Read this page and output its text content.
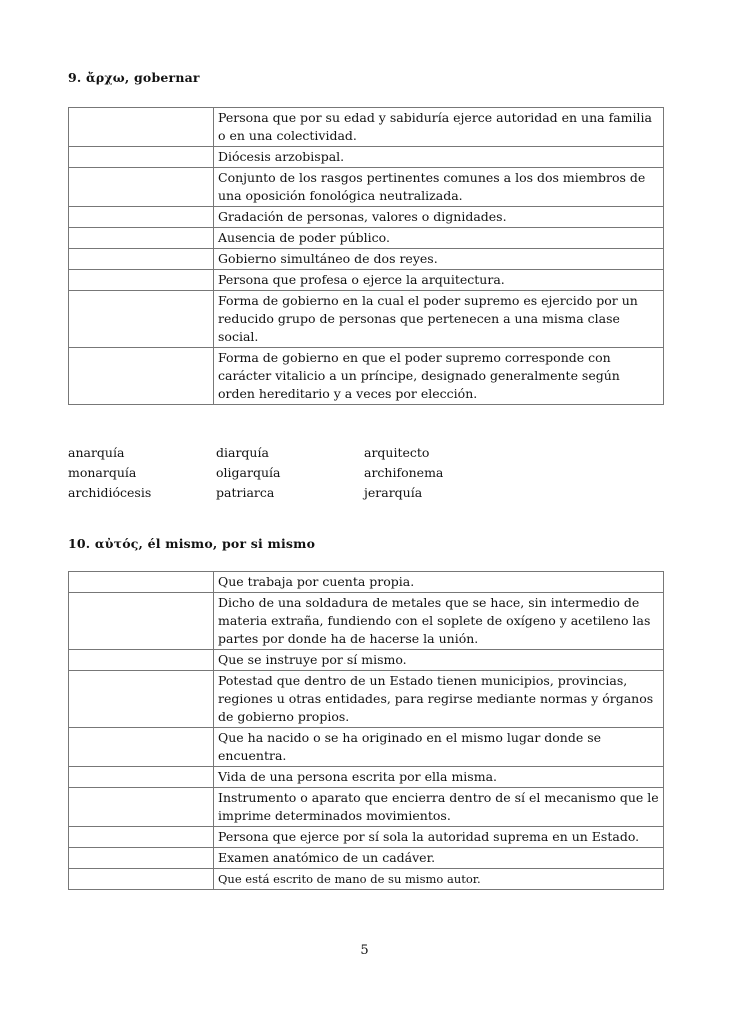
9. ἄρχω, gobernar
	Persona que por su edad y sabiduría ejerce autoridad en una familia o en una colectividad.
	Diócesis arzobispal.
	Conjunto de los rasgos pertinentes comunes a los dos miembros de una oposición fonológica neutralizada.
	Gradación de personas, valores o dignidades.
	Ausencia de poder público.
	Gobierno simultáneo de dos reyes.
	Persona que profesa o ejerce la arquitectura.
	Forma de gobierno en la cual el poder supremo es ejercido por un reducido grupo de personas que pertenecen a una misma clase social.
	Forma de gobierno en que el poder supremo corresponde con carácter vitalicio a un príncipe, designado generalmente según orden hereditario y a veces por elección.
anarquía	diarquía	arquitecto
monarquía	oligarquía	archifonema
archidiócesis	patriarca	jerarquía
10. αὐτός, él mismo, por si mismo
	Que trabaja por cuenta propia.
	Dicho de una soldadura de metales que se hace, sin intermedio de materia extraña, fundiendo con el soplete de oxígeno y acetileno las partes por donde ha de hacerse la unión.
	Que se instruye por sí mismo.
	Potestad que dentro de un Estado tienen municipios, provincias, regiones u otras entidades, para regirse mediante normas y órganos de gobierno propios.
	Que ha nacido o se ha originado en el mismo lugar donde se encuentra.
	Vida de una persona escrita por ella misma.
	Instrumento o aparato que encierra dentro de sí el mecanismo que le imprime determinados movimientos.
	Persona que ejerce por sí sola la autoridad suprema en un Estado.
	Examen anatómico de un cadáver.
	Que está escrito de mano de su mismo autor.
5
